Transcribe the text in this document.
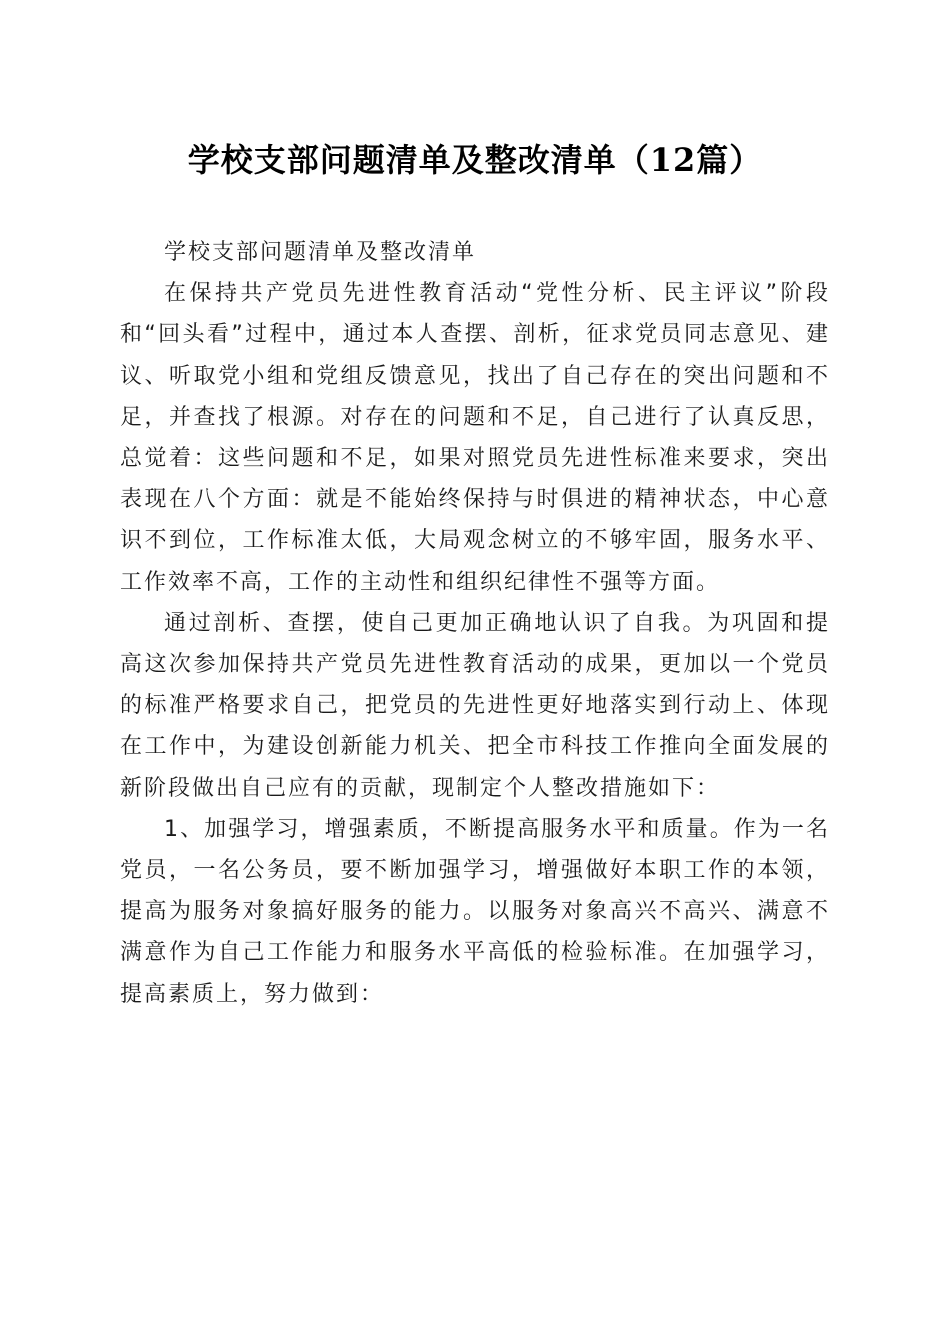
学校支部问题清单及整改清单（12篇）

学校支部问题清单及整改清单

在保持共产党员先进性教育活动“党性分析、民主评议”阶段和“回头看”过程中，通过本人查摆、剖析，征求党员同志意见、建议、听取党小组和党组反馈意见，找出了自己存在的突出问题和不足，并查找了根源。对存在的问题和不足，自己进行了认真反思，总觉着：这些问题和不足，如果对照党员先进性标准来要求，突出表现在八个方面：就是不能始终保持与时俱进的精神状态，中心意识不到位，工作标准太低，大局观念树立的不够牢固，服务水平、工作效率不高，工作的主动性和组织纪律性不强等方面。

通过剖析、查摆，使自己更加正确地认识了自我。为巩固和提高这次参加保持共产党员先进性教育活动的成果，更加以一个党员的标准严格要求自己，把党员的先进性更好地落实到行动上、体现在工作中，为建设创新能力机关、把全市科技工作推向全面发展的新阶段做出自己应有的贡献，现制定个人整改措施如下：

1、加强学习，增强素质，不断提高服务水平和质量。作为一名党员，一名公务员，要不断加强学习，增强做好本职工作的本领，提高为服务对象搞好服务的能力。以服务对象高兴不高兴、满意不满意作为自己工作能力和服务水平高低的检验标准。在加强学习，提高素质上，努力做到：
